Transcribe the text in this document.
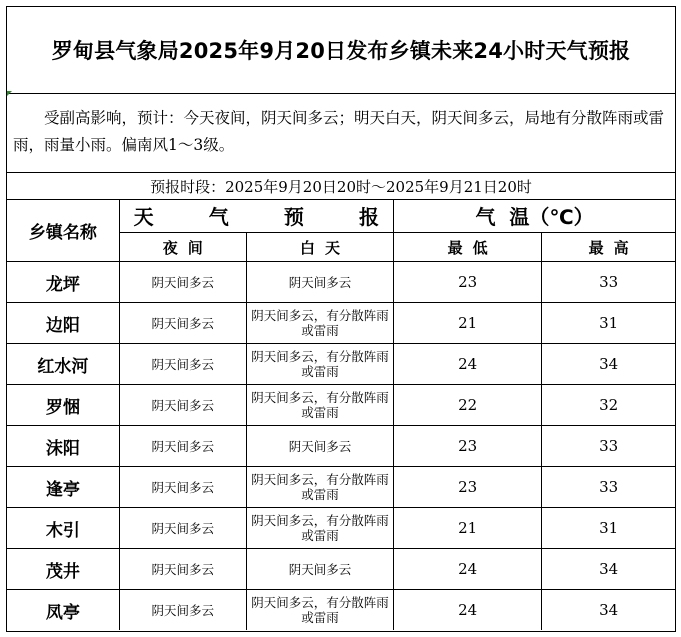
罗甸县气象局2025年9月20日发布乡镇未来24小时天气预报

受副高影响，预计：今天夜间，阴天间多云；明天白天，阴天间多云，局地有分散阵雨或雷雨，雨量小雨。偏南风1～3级。

预报时段：2025年9月20日20时～2025年9月21日20时
乡镇名称	天 气 预 报		气  温（℃）	
	夜间	白天	最低	最高
龙坪	阴天间多云	阴天间多云	23	33
边阳	阴天间多云	阴天间多云，有分散阵雨或雷雨	21	31
红水河	阴天间多云	阴天间多云，有分散阵雨或雷雨	24	34
罗悃	阴天间多云	阴天间多云，有分散阵雨或雷雨	22	32
沫阳	阴天间多云	阴天间多云	23	33
逢亭	阴天间多云	阴天间多云，有分散阵雨或雷雨	23	33
木引	阴天间多云	阴天间多云，有分散阵雨或雷雨	21	31
茂井	阴天间多云	阴天间多云	24	34
凤亭	阴天间多云	阴天间多云，有分散阵雨或雷雨	24	34
